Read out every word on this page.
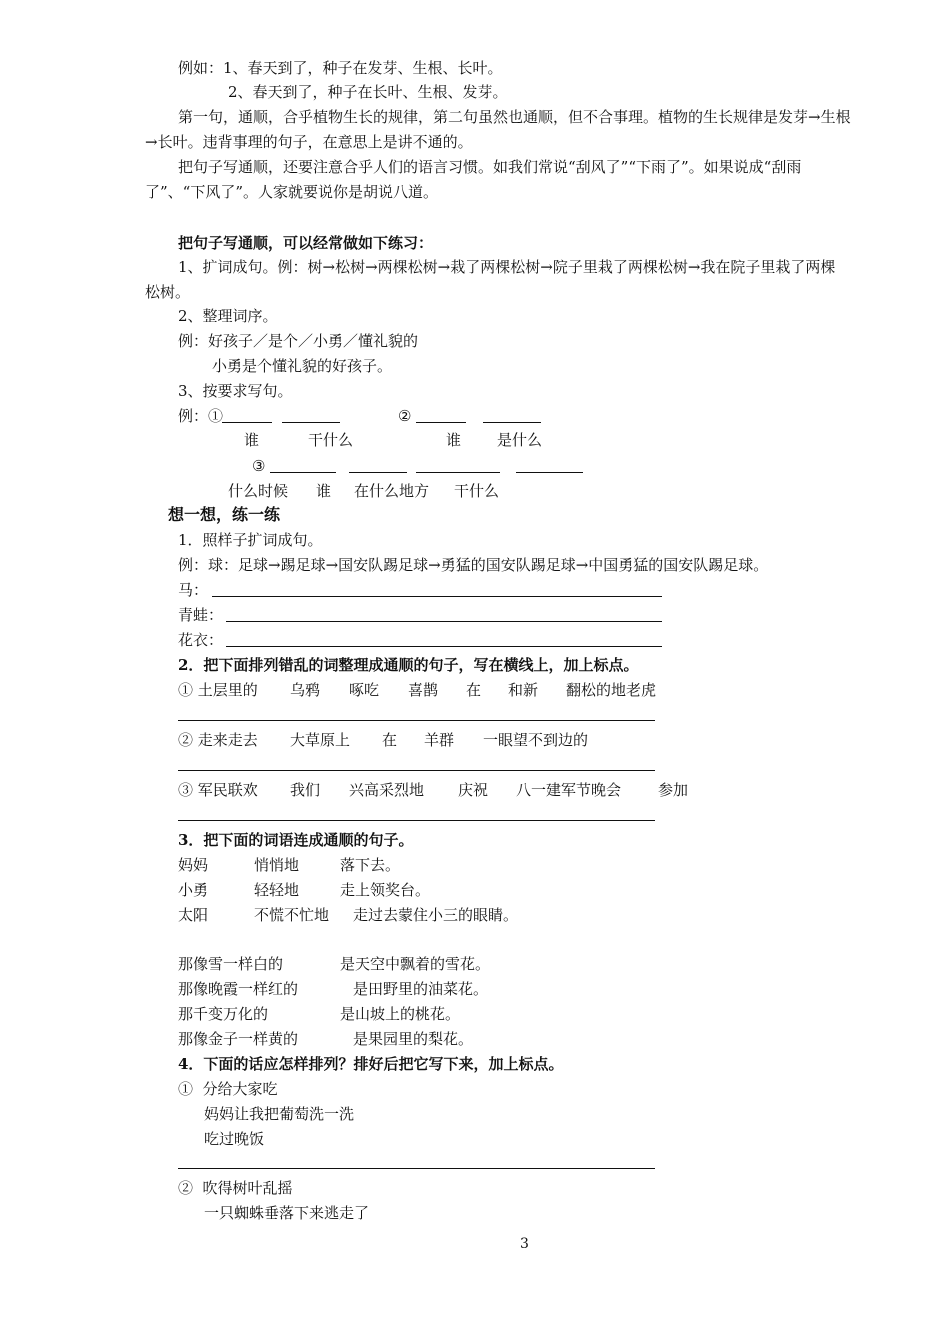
例如：1、春天到了，种子在发芽、生根、长叶。
2、春天到了，种子在长叶、生根、发芽。
第一句，通顺，合乎植物生长的规律，第二句虽然也通顺，但不合事理。植物的生长规律是发芽→生根
→长叶。违背事理的句子，在意思上是讲不通的。
把句子写通顺，还要注意合乎人们的语言习惯。如我们常说“刮风了”“下雨了”。如果说成“刮雨
了”、“下风了”。人家就要说你是胡说八道。
把句子写通顺，可以经常做如下练习：
1、扩词成句。例：树→松树→两棵松树→栽了两棵松树→院子里栽了两棵松树→我在院子里栽了两棵
松树。
2、整理词序。
例：好孩子／是个／小勇／懂礼貌的
小勇是个懂礼貌的好孩子。
3、按要求写句。
例：①	②
谁	干什么	谁 是什么
③
什么时候 谁 在什么地方 干什么
想一想，练一练
1．照样子扩词成句。
例：球：足球→踢足球→国安队踢足球→勇猛的国安队踢足球→中国勇猛的国安队踢足球。
马：
青蛙：
花衣：
2．把下面排列错乱的词整理成通顺的句子，写在横线上，加上标点。
① 土层里的 乌鸦 啄吃 喜鹊 在 和新 翻松的地老虎
② 走来走去 大草原上 在 羊群 一眼望不到边的
③ 军民联欢 我们 兴高采烈地 庆祝 八一建军节晚会 参加
3．把下面的词语连成通顺的句子。
妈妈	悄悄地	落下去。
小勇	轻轻地	走上领奖台。
太阳	不慌不忙地 走过去蒙住小三的眼睛。
那像雪一样白的	是天空中飘着的雪花。
那像晚霞一样红的	是田野里的油菜花。
那千变万化的	是山坡上的桃花。
那像金子一样黄的	是果园里的梨花。
4．下面的话应怎样排列？排好后把它写下来，加上标点。
①  分给大家吃
妈妈让我把葡萄洗一洗
吃过晚饭
②  吹得树叶乱摇
一只蜘蛛垂落下来逃走了
3
